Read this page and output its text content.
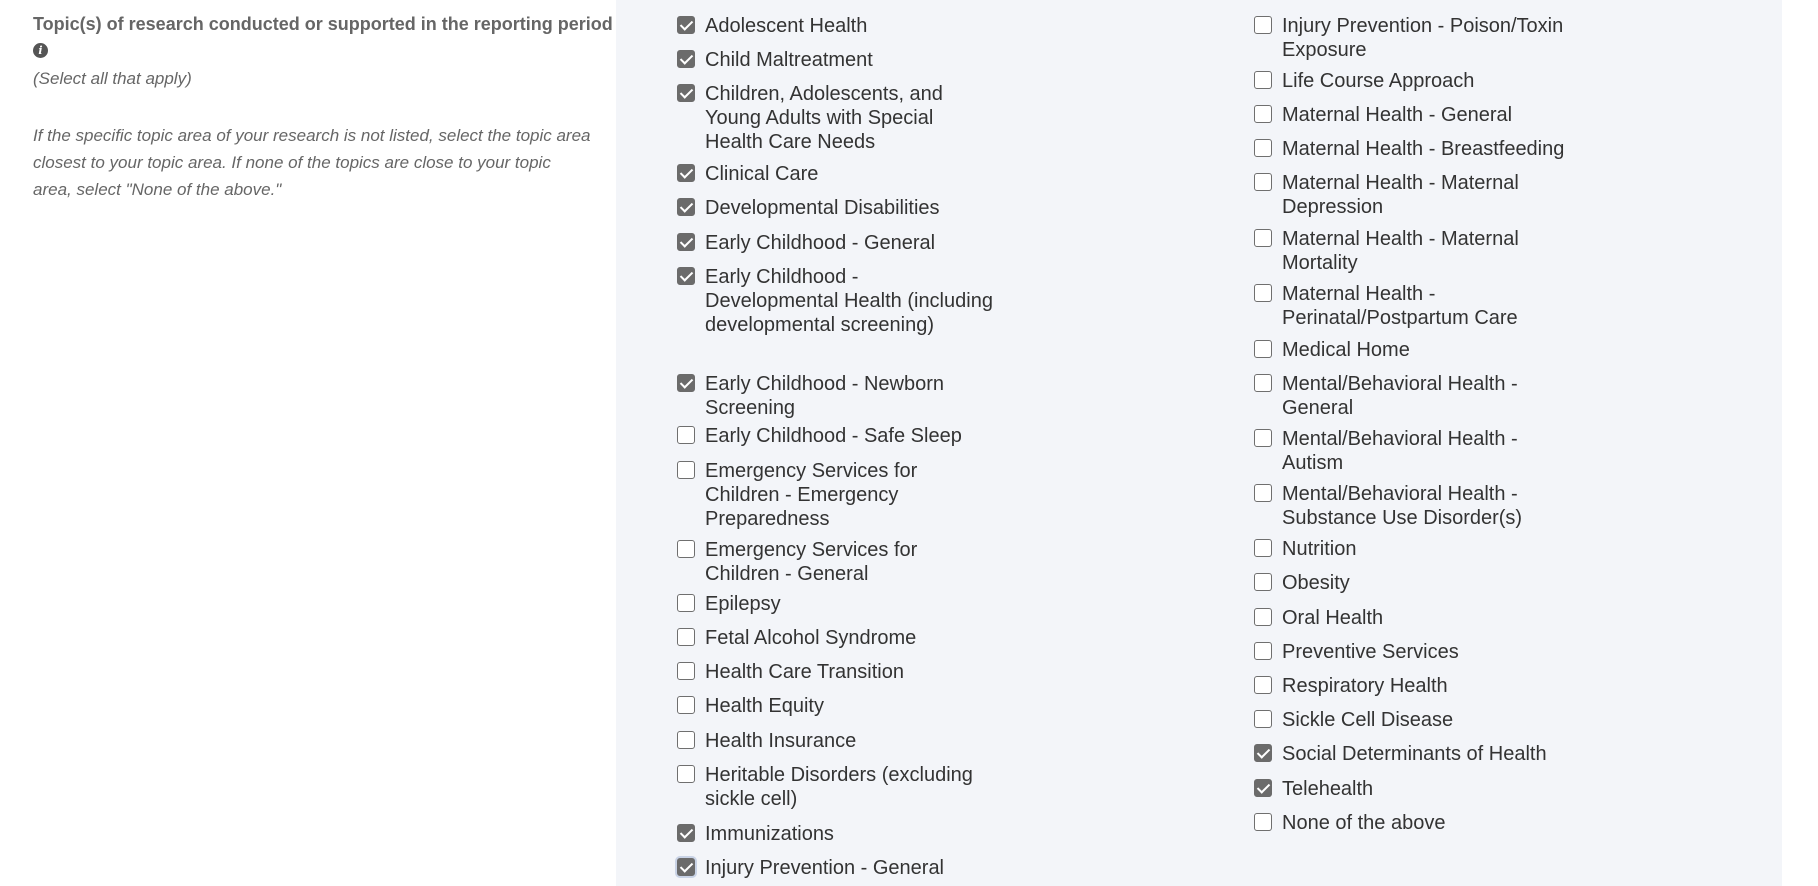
Topic(s) of research conducted or supported in the reporting period
i
(Select all that apply)
If the specific topic area of your research is not listed, select the topic area closest to your topic area. If none of the topics are close to your topic area, select "None of the above."
Adolescent Health
Child Maltreatment
Children, Adolescents, and Young Adults with Special Health Care Needs
Clinical Care
Developmental Disabilities
Early Childhood - General
Early Childhood - Developmental Health (including developmental screening)
Early Childhood - Newborn Screening
Early Childhood - Safe Sleep
Emergency Services for Children - Emergency Preparedness
Emergency Services for Children - General
Epilepsy
Fetal Alcohol Syndrome
Health Care Transition
Health Equity
Health Insurance
Heritable Disorders (excluding sickle cell)
Immunizations
Injury Prevention - General
Injury Prevention - Poison/Toxin Exposure
Life Course Approach
Maternal Health - General
Maternal Health - Breastfeeding
Maternal Health - Maternal Depression
Maternal Health - Maternal Mortality
Maternal Health - Perinatal/Postpartum Care
Medical Home
Mental/Behavioral Health - General
Mental/Behavioral Health - Autism
Mental/Behavioral Health - Substance Use Disorder(s)
Nutrition
Obesity
Oral Health
Preventive Services
Respiratory Health
Sickle Cell Disease
Social Determinants of Health
Telehealth
None of the above
